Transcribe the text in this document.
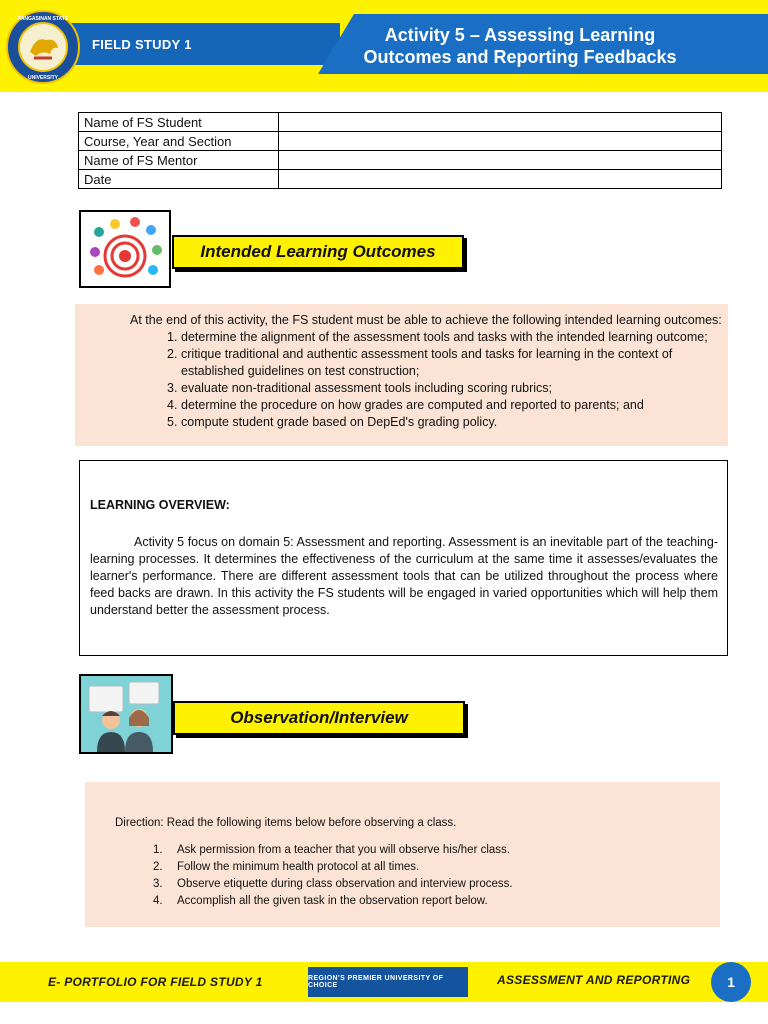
PANGASINAN STATE
UNIVERSITY
FIELD STUDY 1	Activity 5 – Assessing Learning
Outcomes and Reporting Feedbacks
Name of FS Student	
Course, Year and Section	
Name of FS Mentor	
Date	
Intended Learning Outcomes
At the end of this activity, the FS student must be able to achieve the following intended learning outcomes:
1. determine the alignment of the assessment tools and tasks with the intended learning outcome;
2. critique traditional and authentic assessment tools and tasks for learning in the context of established guidelines on test construction;
3. evaluate non-traditional assessment tools including scoring rubrics;
4. determine the procedure on how grades are computed and reported to parents; and
5. compute student grade based on DepEd's grading policy.
LEARNING OVERVIEW:
Activity 5 focus on domain 5: Assessment and reporting. Assessment is an inevitable part of the teaching-learning processes. It determines the effectiveness of the curriculum at the same time it assesses/evaluates the learner's performance. There are different assessment tools that can be utilized throughout the process where feed backs are drawn. In this activity the FS students will be engaged in varied opportunities which will help them understand better the assessment process.
Observation/Interview
Direction: Read the following items below before observing a class.
1.	Ask permission from a teacher that you will observe his/her class.
2.	Follow the minimum health protocol at all times.
3.	Observe etiquette during class observation and interview process.
4.	Accomplish all the given task in the observation report below.
E- PORTFOLIO FOR FIELD STUDY 1	REGION'S PREMIER UNIVERSITY OF CHOICE	ASSESSMENT AND REPORTING	1
